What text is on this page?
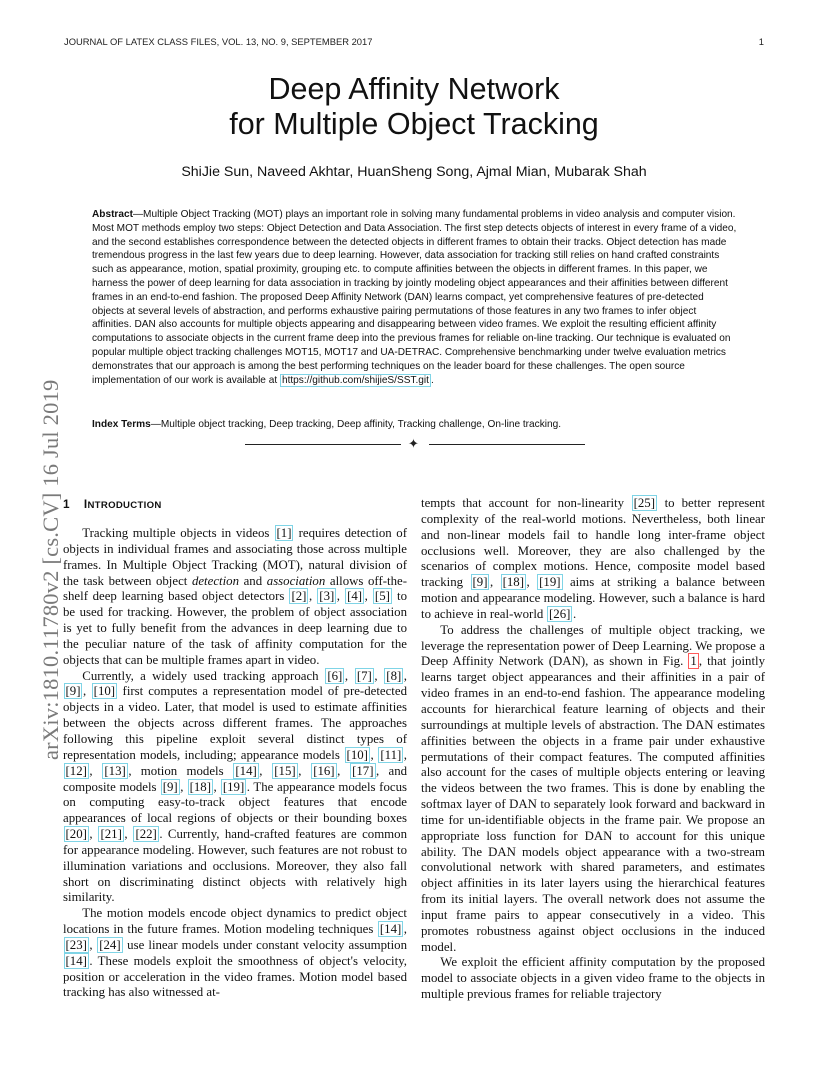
JOURNAL OF LATEX CLASS FILES, VOL. 13, NO. 9, SEPTEMBER 2017	1
arXiv:1810.11780v2 [cs.CV] 16 Jul 2019
Deep Affinity Network
for Multiple Object Tracking
ShiJie Sun, Naveed Akhtar, HuanSheng Song, Ajmal Mian, Mubarak Shah
Abstract—Multiple Object Tracking (MOT) plays an important role in solving many fundamental problems in video analysis and computer vision. Most MOT methods employ two steps: Object Detection and Data Association. The first step detects objects of interest in every frame of a video, and the second establishes correspondence between the detected objects in different frames to obtain their tracks. Object detection has made tremendous progress in the last few years due to deep learning. However, data association for tracking still relies on hand crafted constraints such as appearance, motion, spatial proximity, grouping etc. to compute affinities between the objects in different frames. In this paper, we harness the power of deep learning for data association in tracking by jointly modeling object appearances and their affinities between different frames in an end-to-end fashion. The proposed Deep Affinity Network (DAN) learns compact, yet comprehensive features of pre-detected objects at several levels of abstraction, and performs exhaustive pairing permutations of those features in any two frames to infer object affinities. DAN also accounts for multiple objects appearing and disappearing between video frames. We exploit the resulting efficient affinity computations to associate objects in the current frame deep into the previous frames for reliable on-line tracking. Our technique is evaluated on popular multiple object tracking challenges MOT15, MOT17 and UA-DETRAC. Comprehensive benchmarking under twelve evaluation metrics demonstrates that our approach is among the best performing techniques on the leader board for these challenges. The open source implementation of our work is available at https://github.com/shijieS/SST.git .
Index Terms—Multiple object tracking, Deep tracking, Deep affinity, Tracking challenge, On-line tracking.
✦
1 INTRODUCTION

Tracking multiple objects in videos [1] requires detection of objects in individual frames and associating those across multiple frames. In Multiple Object Tracking (MOT), natural division of the task between object detection and association allows off-the-shelf deep learning based object detectors [2] , [3] , [4] , [5] to be used for tracking. However, the problem of object association is yet to fully benefit from the advances in deep learning due to the peculiar nature of the task of affinity computation for the objects that can be multiple frames apart in video.

Currently, a widely used tracking approach [6] , [7] , [8] , [9] , [10] first computes a representation model of pre-detected objects in a video. Later, that model is used to estimate affinities between the objects across different frames. The approaches following this pipeline exploit several distinct types of representation models, including; appearance models [10] , [11] , [12] , [13] , motion models [14] , [15] , [16] , [17] , and composite models [9] , [18] , [19] . The appearance models focus on computing easy-to-track object features that encode appearances of local regions of objects or their bounding boxes [20] , [21] , [22] . Currently, hand-crafted features are common for appearance modeling. However, such features are not robust to illumination variations and occlusions. Moreover, they also fall short on discriminating distinct objects with relatively high similarity.

The motion models encode object dynamics to predict object locations in the future frames. Motion modeling techniques [14] , [23] , [24] use linear models under constant velocity assumption [14] . These models exploit the smoothness of object's velocity, position or acceleration in the video frames. Motion model based tracking has also witnessed at-

tempts that account for non-linearity [25] to better represent complexity of the real-world motions. Nevertheless, both linear and non-linear models fail to handle long inter-frame object occlusions well. Moreover, they are also challenged by the scenarios of complex motions. Hence, composite model based tracking [9] , [18] , [19] aims at striking a balance between motion and appearance modeling. However, such a balance is hard to achieve in real-world [26] .

To address the challenges of multiple object tracking, we leverage the representation power of Deep Learning. We propose a Deep Affinity Network (DAN), as shown in Fig. 1 , that jointly learns target object appearances and their affinities in a pair of video frames in an end-to-end fashion. The appearance modeling accounts for hierarchical feature learning of objects and their surroundings at multiple levels of abstraction. The DAN estimates affinities between the objects in a frame pair under exhaustive permutations of their compact features. The computed affinities also account for the cases of multiple objects entering or leaving the videos between the two frames. This is done by enabling the softmax layer of DAN to separately look forward and backward in time for un-identifiable objects in the frame pair. We propose an appropriate loss function for DAN to account for this unique ability. The DAN models object appearance with a two-stream convolutional network with shared parameters, and estimates object affinities in its later layers using the hierarchical features from its initial layers. The overall network does not assume the input frame pairs to appear consecutively in a video. This promotes robustness against object occlusions in the induced model.

We exploit the efficient affinity computation by the proposed model to associate objects in a given video frame to the objects in multiple previous frames for reliable trajectory
